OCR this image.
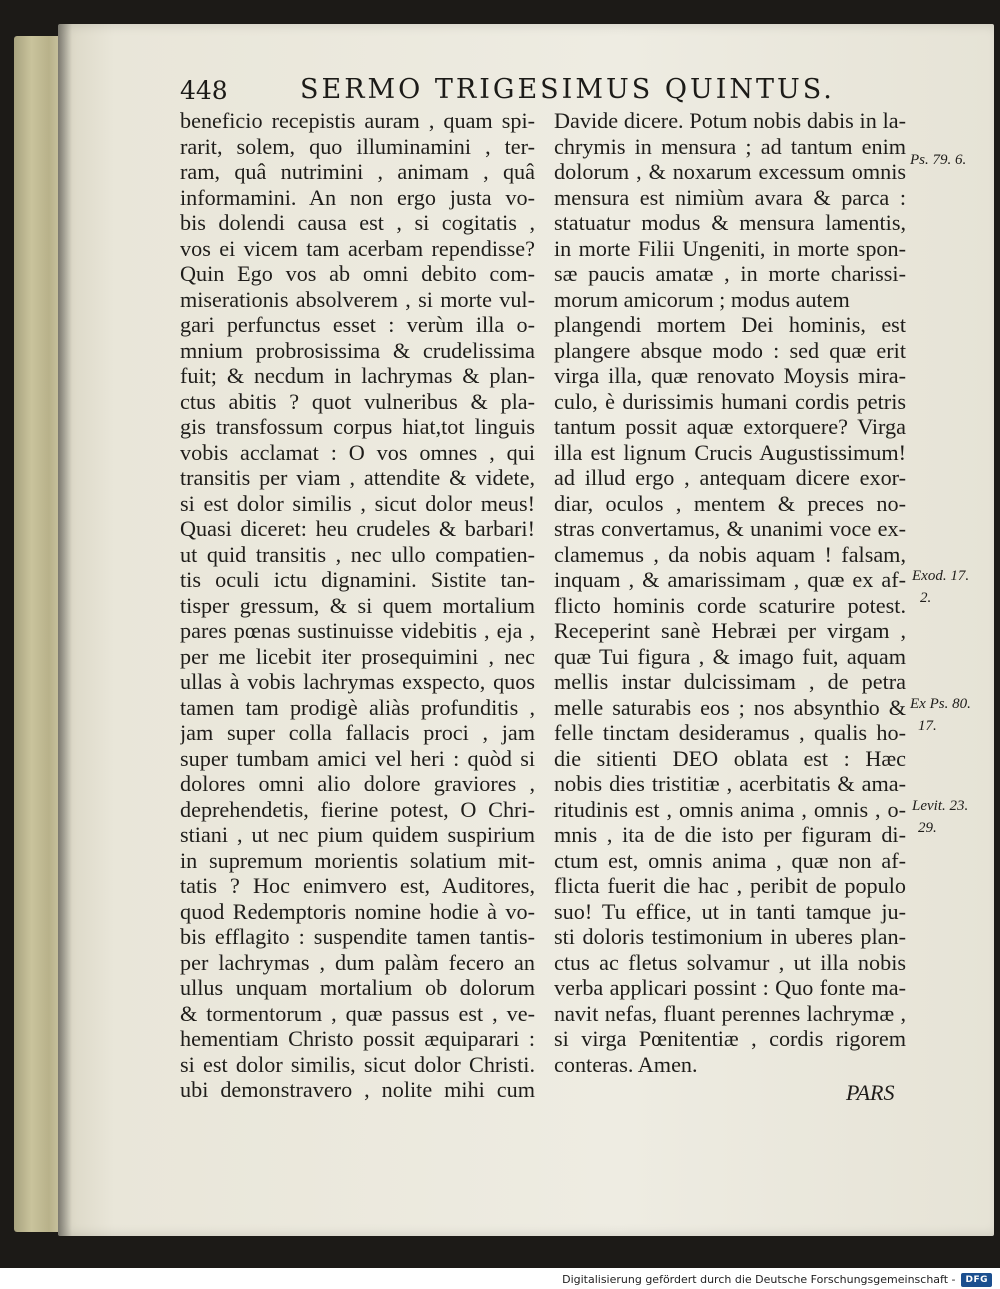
448	SERMO TRIGESIMUS QUINTUS.
beneficio recepistis auram , quam spi-
rarit, solem, quo illuminamini , ter-
ram, quâ nutrimini , animam , quâ
informamini. An non ergo justa vo-
bis dolendi causa est , si cogitatis ,
vos ei vicem tam acerbam rependisse?
Quin Ego vos ab omni debito com-
miserationis absolverem , si morte vul-
gari perfunctus esset : verùm illa o-
mnium probrosissima & crudelissima
fuit; & necdum in lachrymas & plan-
ctus abitis ? quot vulneribus & pla-
gis transfossum corpus hiat,tot linguis
vobis acclamat : O vos omnes , qui
transitis per viam , attendite & videte,
si est dolor similis , sicut dolor meus!
Quasi diceret: heu crudeles & barbari!
ut quid transitis , nec ullo compatien-
tis oculi ictu dignamini. Sistite tan-
tisper gressum, & si quem mortalium
pares pœnas sustinuisse videbitis , eja ,
per me licebit iter prosequimini , nec
ullas à vobis lachrymas exspecto, quos
tamen tam prodigè aliàs profunditis ,
jam super colla fallacis proci , jam
super tumbam amici vel heri : quòd si
dolores omni alio dolore graviores ,
deprehendetis, fierine potest, O Chri-
stiani , ut nec pium quidem suspirium
in supremum morientis solatium mit-
tatis ? Hoc enimvero est, Auditores,
quod Redemptoris nomine hodie à vo-
bis efflagito : suspendite tamen tantis-
per lachrymas , dum palàm fecero an
ullus unquam mortalium ob dolorum
& tormentorum , quæ passus est , ve-
hementiam Christo possit æquiparari :
si est dolor similis, sicut dolor Christi.
ubi demonstravero , nolite mihi cum
Davide dicere. Potum nobis dabis in la-
chrymis in mensura ; ad tantum enim
dolorum , & noxarum excessum omnis
mensura est nimiùm avara & parca :
statuatur modus & mensura lamentis,
in morte Filii Ungeniti, in morte spon-
sæ paucis amatæ , in morte charissi-
morum amicorum ; modus autem
plangendi mortem Dei hominis, est
plangere absque modo : sed quæ erit
virga illa, quæ renovato Moysis mira-
culo, è durissimis humani cordis petris
tantum possit aquæ extorquere? Virga
illa est lignum Crucis Augustissimum!
ad illud ergo , antequam dicere exor-
diar, oculos , mentem & preces no-
stras convertamus, & unanimi voce ex-
clamemus , da nobis aquam ! falsam,
inquam , & amarissimam , quæ ex af-
flicto hominis corde scaturire potest.
Receperint sanè Hebræi per virgam ,
quæ Tui figura , & imago fuit, aquam
mellis instar dulcissimam , de petra
melle saturabis eos ; nos absynthio &
felle tinctam desideramus , qualis ho-
die sitienti DEO oblata est : Hæc
nobis dies tristitiæ , acerbitatis & ama-
ritudinis est , omnis anima , omnis , o-
mnis , ita de die isto per figuram di-
ctum est, omnis anima , quæ non af-
flicta fuerit die hac , peribit de populo
suo! Tu effice, ut in tanti tamque ju-
sti doloris testimonium in uberes plan-
ctus ac fletus solvamur , ut illa nobis
verba applicari possint : Quo fonte ma-
navit nefas, fluant perennes lachrymæ ,
si virga Pœnitentiæ , cordis rigorem
conteras. Amen.
Ps. 79. 6.
Exod. 17.
2.
Ex Ps. 80.
17.
Levit. 23.
29.
PARS
Digitalisierung gefördert durch die Deutsche Forschungsgemeinschaft -	DFG
